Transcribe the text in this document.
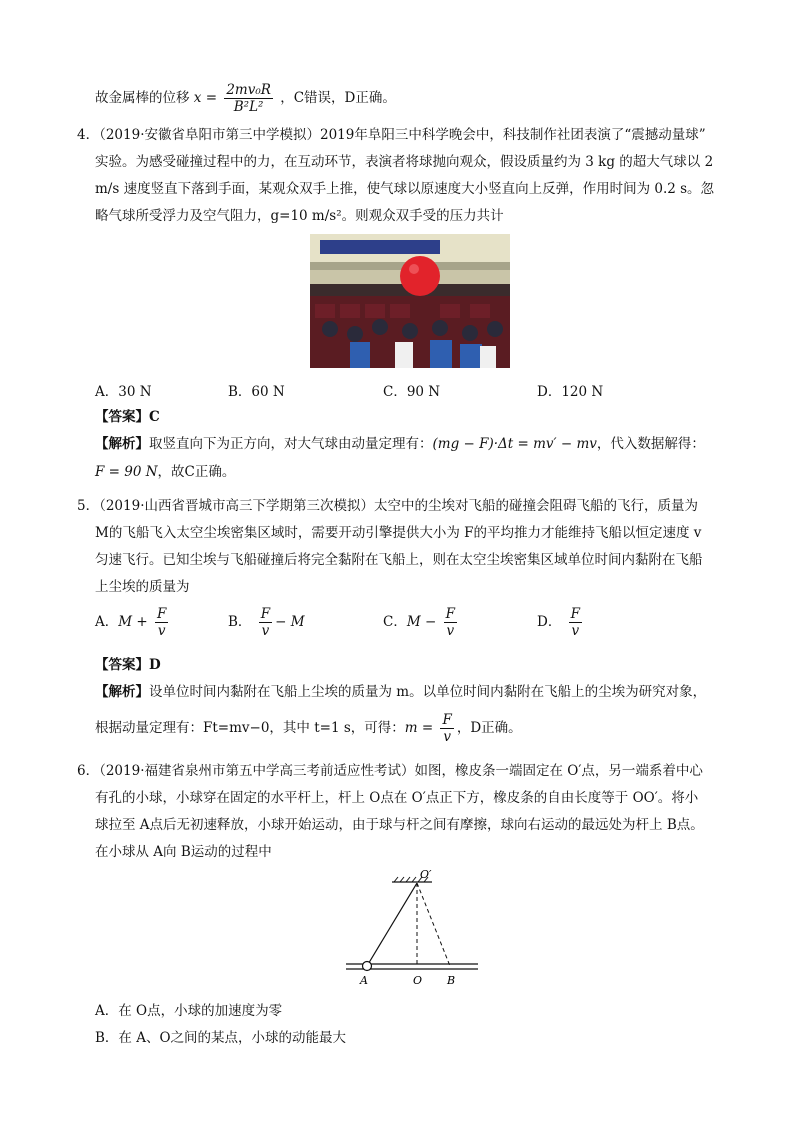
故金属棒的位移 $x = \frac{\text{2mv₀R}}{\text{B²L²}}$ ，C错误，D正确。
4．（2019·安徽省阜阳市第三中学模拟）2019年阜阳三中科学晚会中，科技制作社团表演了“震撼动量球”
实验。为感受碰撞过程中的力，在互动环节，表演者将球抛向观众，假设质量约为 3 kg 的超大气球以 2
m/s 速度竖直下落到手面，某观众双手上推，使气球以原速度大小竖直向上反弹，作用时间为 0.2 s。忽
略气球所受浮力及空气阻力，g=10 m/s²。则观众双手受的压力共计
A．30 N	B．60 N	C．90 N	D．120 N
【答案】C
【解析】取竖直向下为正方向，对大气球由动量定理有：(mg − F)·Δt = mv′ − mv，代入数据解得：
F = 90 N，故C正确。
5．（2019·山西省晋城市高三下学期第三次模拟）太空中的尘埃对飞船的碰撞会阻碍飞船的飞行，质量为
M的飞船飞入太空尘埃密集区域时，需要开动引擎提供大小为 F的平均推力才能维持飞船以恒定速度 v
匀速飞行。已知尘埃与飞船碰撞后将完全黏附在飞船上，则在太空尘埃密集区域单位时间内黏附在飞船
上尘埃的质量为
A．$M + \frac{F}{v}$	B． $\frac{F}{v} - M$	C．$M - \frac{F}{v}$	D． $\frac{F}{v}$
【答案】D
【解析】设单位时间内黏附在飞船上尘埃的质量为 m。以单位时间内黏附在飞船上的尘埃为研究对象，
根据动量定理有：Ft=mv−0，其中 t=1 s，可得：$m = \frac{F}{v}$ ，D正确。
6．（2019·福建省泉州市第五中学高三考前适应性考试）如图，橡皮条一端固定在 O′点，另一端系着中心
有孔的小球，小球穿在固定的水平杆上，杆上 O点在 O′点正下方，橡皮条的自由长度等于 OO′。将小
球拉至 A点后无初速释放，小球开始运动，由于球与杆之间有摩擦，球向右运动的最远处为杆上 B点。
在小球从 A向 B运动的过程中
O′
A	O B
A．在 O点，小球的加速度为零
B．在 A、O之间的某点，小球的动能最大
